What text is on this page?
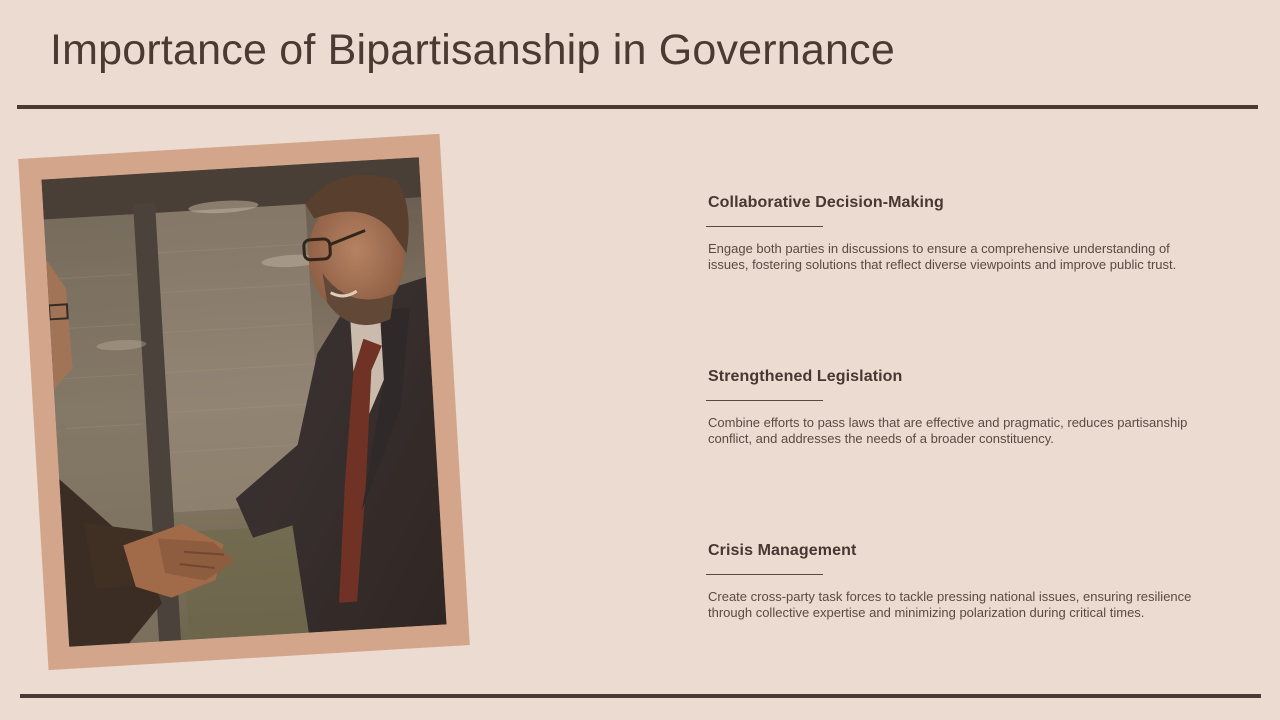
Importance of Bipartisanship in Governance
Collaborative Decision-Making
Engage both parties in discussions to ensure a comprehensive understanding of issues, fostering solutions that reflect diverse viewpoints and improve public trust.
Strengthened Legislation
Combine efforts to pass laws that are effective and pragmatic, reduces partisanship conflict, and addresses the needs of a broader constituency.
Crisis Management
Create cross-party task forces to tackle pressing national issues, ensuring resilience through collective expertise and minimizing polarization during critical times.
